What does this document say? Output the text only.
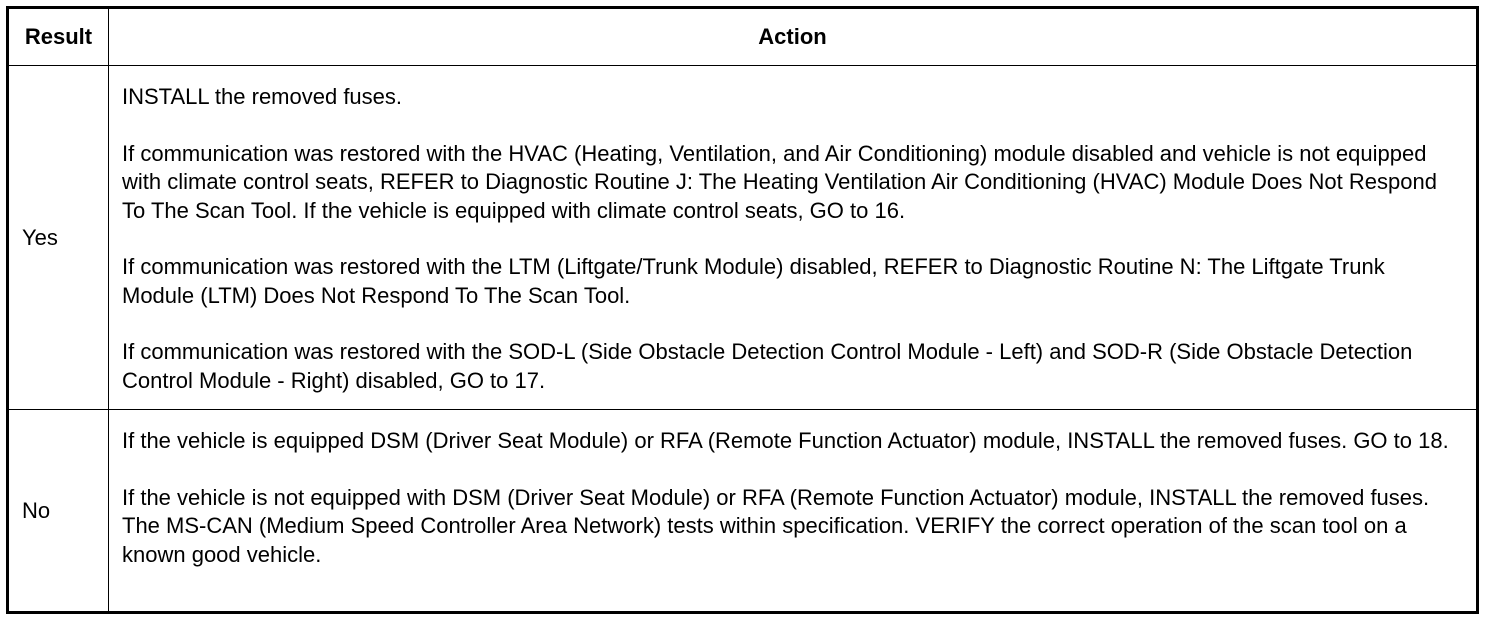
Result	Action
Yes	INSTALL the removed fuses.

If communication was restored with the HVAC (Heating, Ventilation, and Air Conditioning) module disabled and vehicle is not equipped with climate control seats, REFER to Diagnostic Routine J: The Heating Ventilation Air Conditioning (HVAC) Module Does Not Respond To The Scan Tool. If the vehicle is equipped with climate control seats, GO to 16.

If communication was restored with the LTM (Liftgate/Trunk Module) disabled, REFER to Diagnostic Routine N: The Liftgate Trunk Module (LTM) Does Not Respond To The Scan Tool.

If communication was restored with the SOD-L (Side Obstacle Detection Control Module - Left) and SOD-R (Side Obstacle Detection Control Module - Right) disabled, GO to 17.

No	If the vehicle is equipped DSM (Driver Seat Module) or RFA (Remote Function Actuator) module, INSTALL the removed fuses. GO to 18.

If the vehicle is not equipped with DSM (Driver Seat Module) or RFA (Remote Function Actuator) module, INSTALL the removed fuses. The MS-CAN (Medium Speed Controller Area Network) tests within specification. VERIFY the correct operation of the scan tool on a known good vehicle.
